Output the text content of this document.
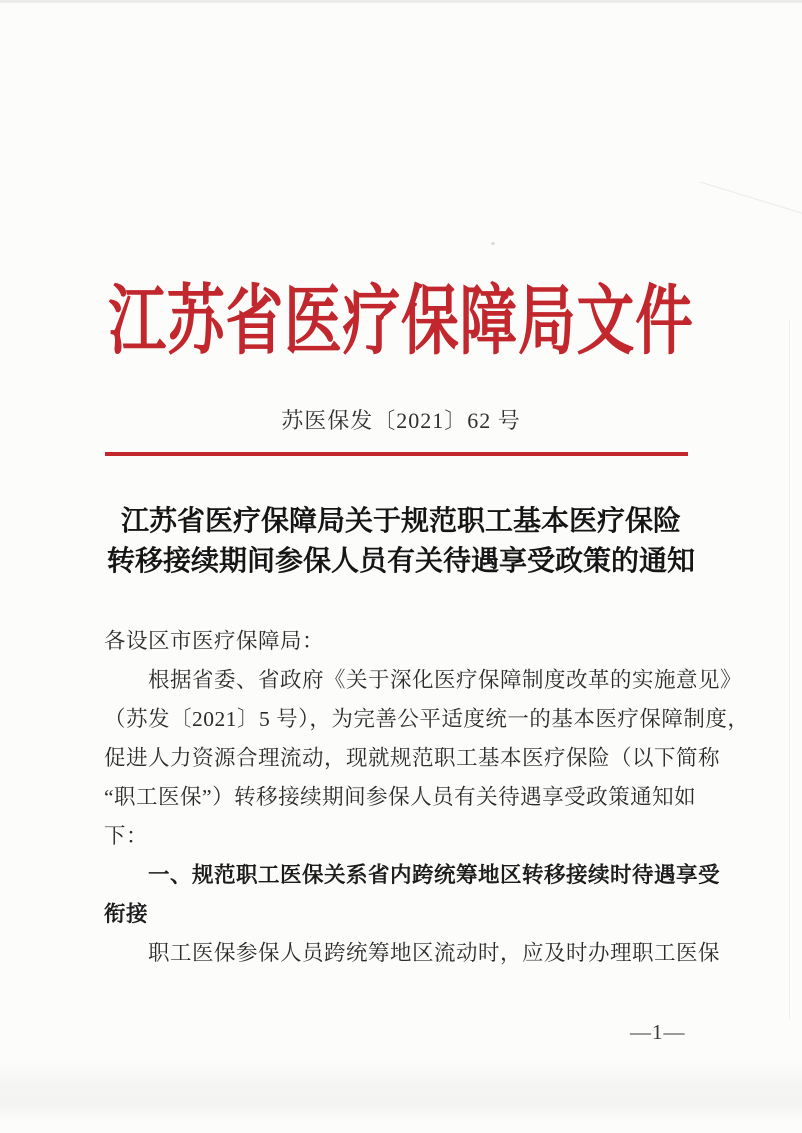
江苏省医疗保障局文件
苏医保发〔2021〕62 号
江苏省医疗保障局关于规范职工基本医疗保险
转移接续期间参保人员有关待遇享受政策的通知
各设区市医疗保障局：
根据省委、省政府《关于深化医疗保障制度改革的实施意见》
（苏发〔2021〕5 号），为完善公平适度统一的基本医疗保障制度，
促进人力资源合理流动，现就规范职工基本医疗保险（以下简称
“职工医保”）转移接续期间参保人员有关待遇享受政策通知如
下：
一、规范职工医保关系省内跨统筹地区转移接续时待遇享受
衔接
职工医保参保人员跨统筹地区流动时，应及时办理职工医保
—1—
